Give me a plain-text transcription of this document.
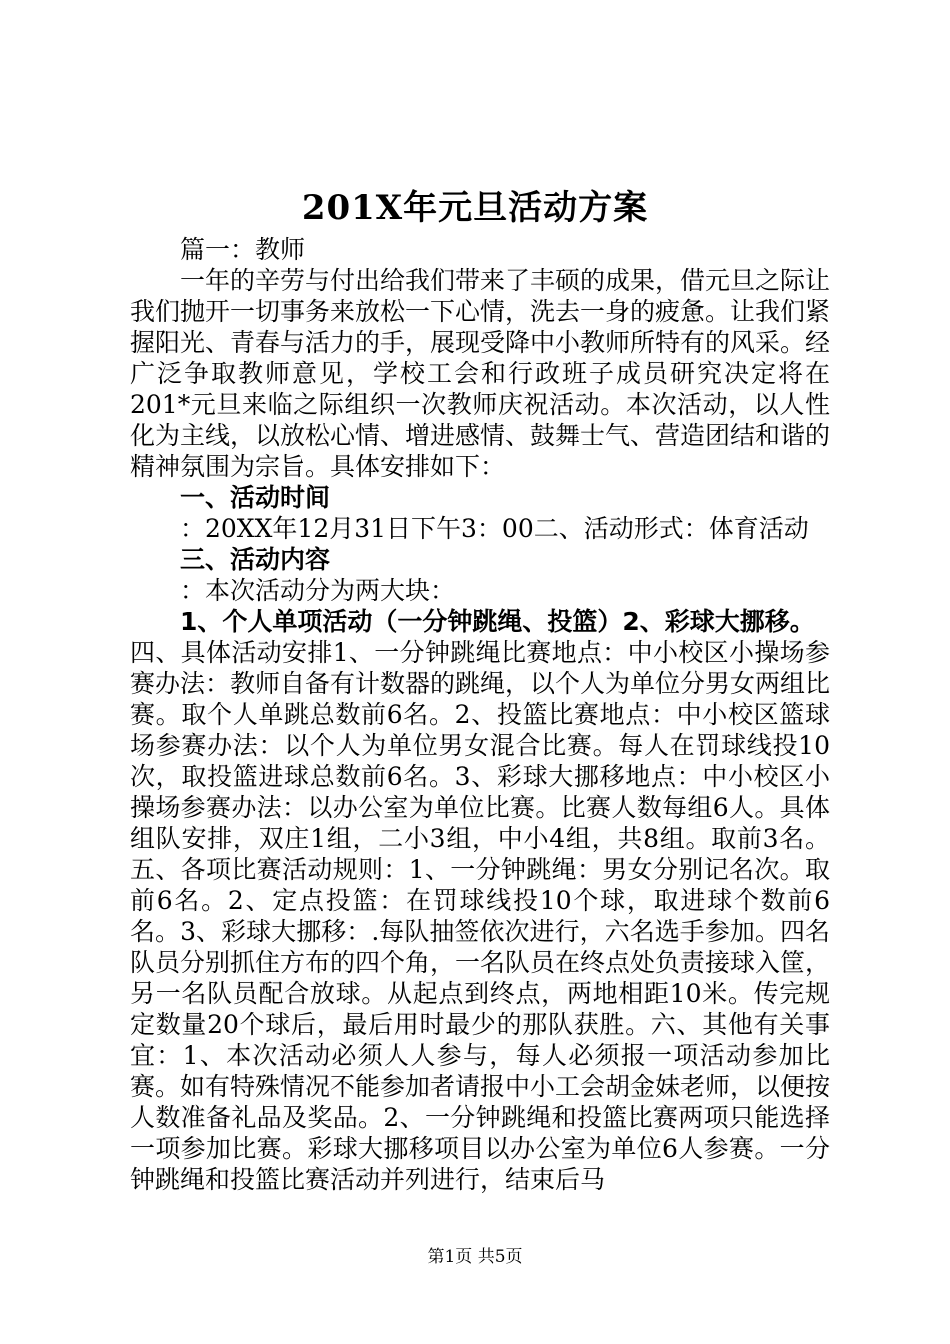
201X年元旦活动方案

篇一：教师

一年的辛劳与付出给我们带来了丰硕的成果，借元旦之际让我们抛开一切事务来放松一下心情，洗去一身的疲惫。让我们紧握阳光、青春与活力的手，展现受降中小教师所特有的风采。经广泛争取教师意见，学校工会和行政班子成员研究决定将在201*元旦来临之际组织一次教师庆祝活动。本次活动，以人性化为主线，以放松心情、增进感情、鼓舞士气、营造团结和谐的精神氛围为宗旨。具体安排如下：

一、活动时间

：20XX年12月31日下午3：00二、活动形式：体育活动

三、活动内容

：本次活动分为两大块：

1、个人单项活动（一分钟跳绳、投篮）2、彩球大挪移。

四、具体活动安排1、一分钟跳绳比赛地点：中小校区小操场参赛办法：教师自备有计数器的跳绳，以个人为单位分男女两组比赛。取个人单跳总数前6名。2、投篮比赛地点：中小校区篮球场参赛办法：以个人为单位男女混合比赛。每人在罚球线投10次，取投篮进球总数前6名。3、彩球大挪移地点：中小校区小操场参赛办法：以办公室为单位比赛。比赛人数每组6人。具体组队安排，双庄1组，二小3组，中小4组，共8组。取前3名。五、各项比赛活动规则：1、一分钟跳绳：男女分别记名次。取前6名。2、定点投篮：在罚球线投10个球，取进球个数前6名。3、彩球大挪移：.每队抽签依次进行，六名选手参加。四名队员分别抓住方布的四个角，一名队员在终点处负责接球入筐，另一名队员配合放球。从起点到终点，两地相距10米。传完规定数量20个球后，最后用时最少的那队获胜。六、其他有关事宜：1、本次活动必须人人参与，每人必须报一项活动参加比赛。如有特殊情况不能参加者请报中小工会胡金妹老师，以便按人数准备礼品及奖品。2、一分钟跳绳和投篮比赛两项只能选择一项参加比赛。彩球大挪移项目以办公室为单位6人参赛。一分钟跳绳和投篮比赛活动并列进行，结束后马

第1页 共5页
